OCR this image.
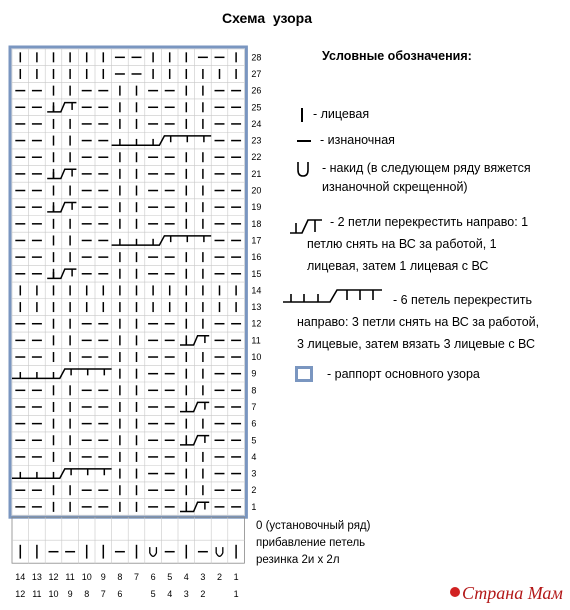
Схема  узора
28
27
26
25
24
23
22
21
20
19
18
17
16
15
14
13
12
11
10
9
8
7
6
5
4
3
2
1
14 13 12 11 10 9 8 7 6 5 4 3 2 1
12 11 10 9 8 7 6	5 4 3 2	1
0 (установочный ряд)
прибавление петель
резинка 2и х 2л
Условные обозначения:
- лицевая
- изнаночная
- накид (в следующем ряду вяжется
изнаночной скрещенной)
- 2 петли перекрестить направо: 1
петлю снять на ВС за работой, 1
лицевая, затем 1 лицевая с ВС
- 6 петель перекрестить
направо: 3 петли снять на ВС за работой,
3 лицевые, затем вязать 3 лицевые с ВС
- раппорт основного узора
Страна Мам
